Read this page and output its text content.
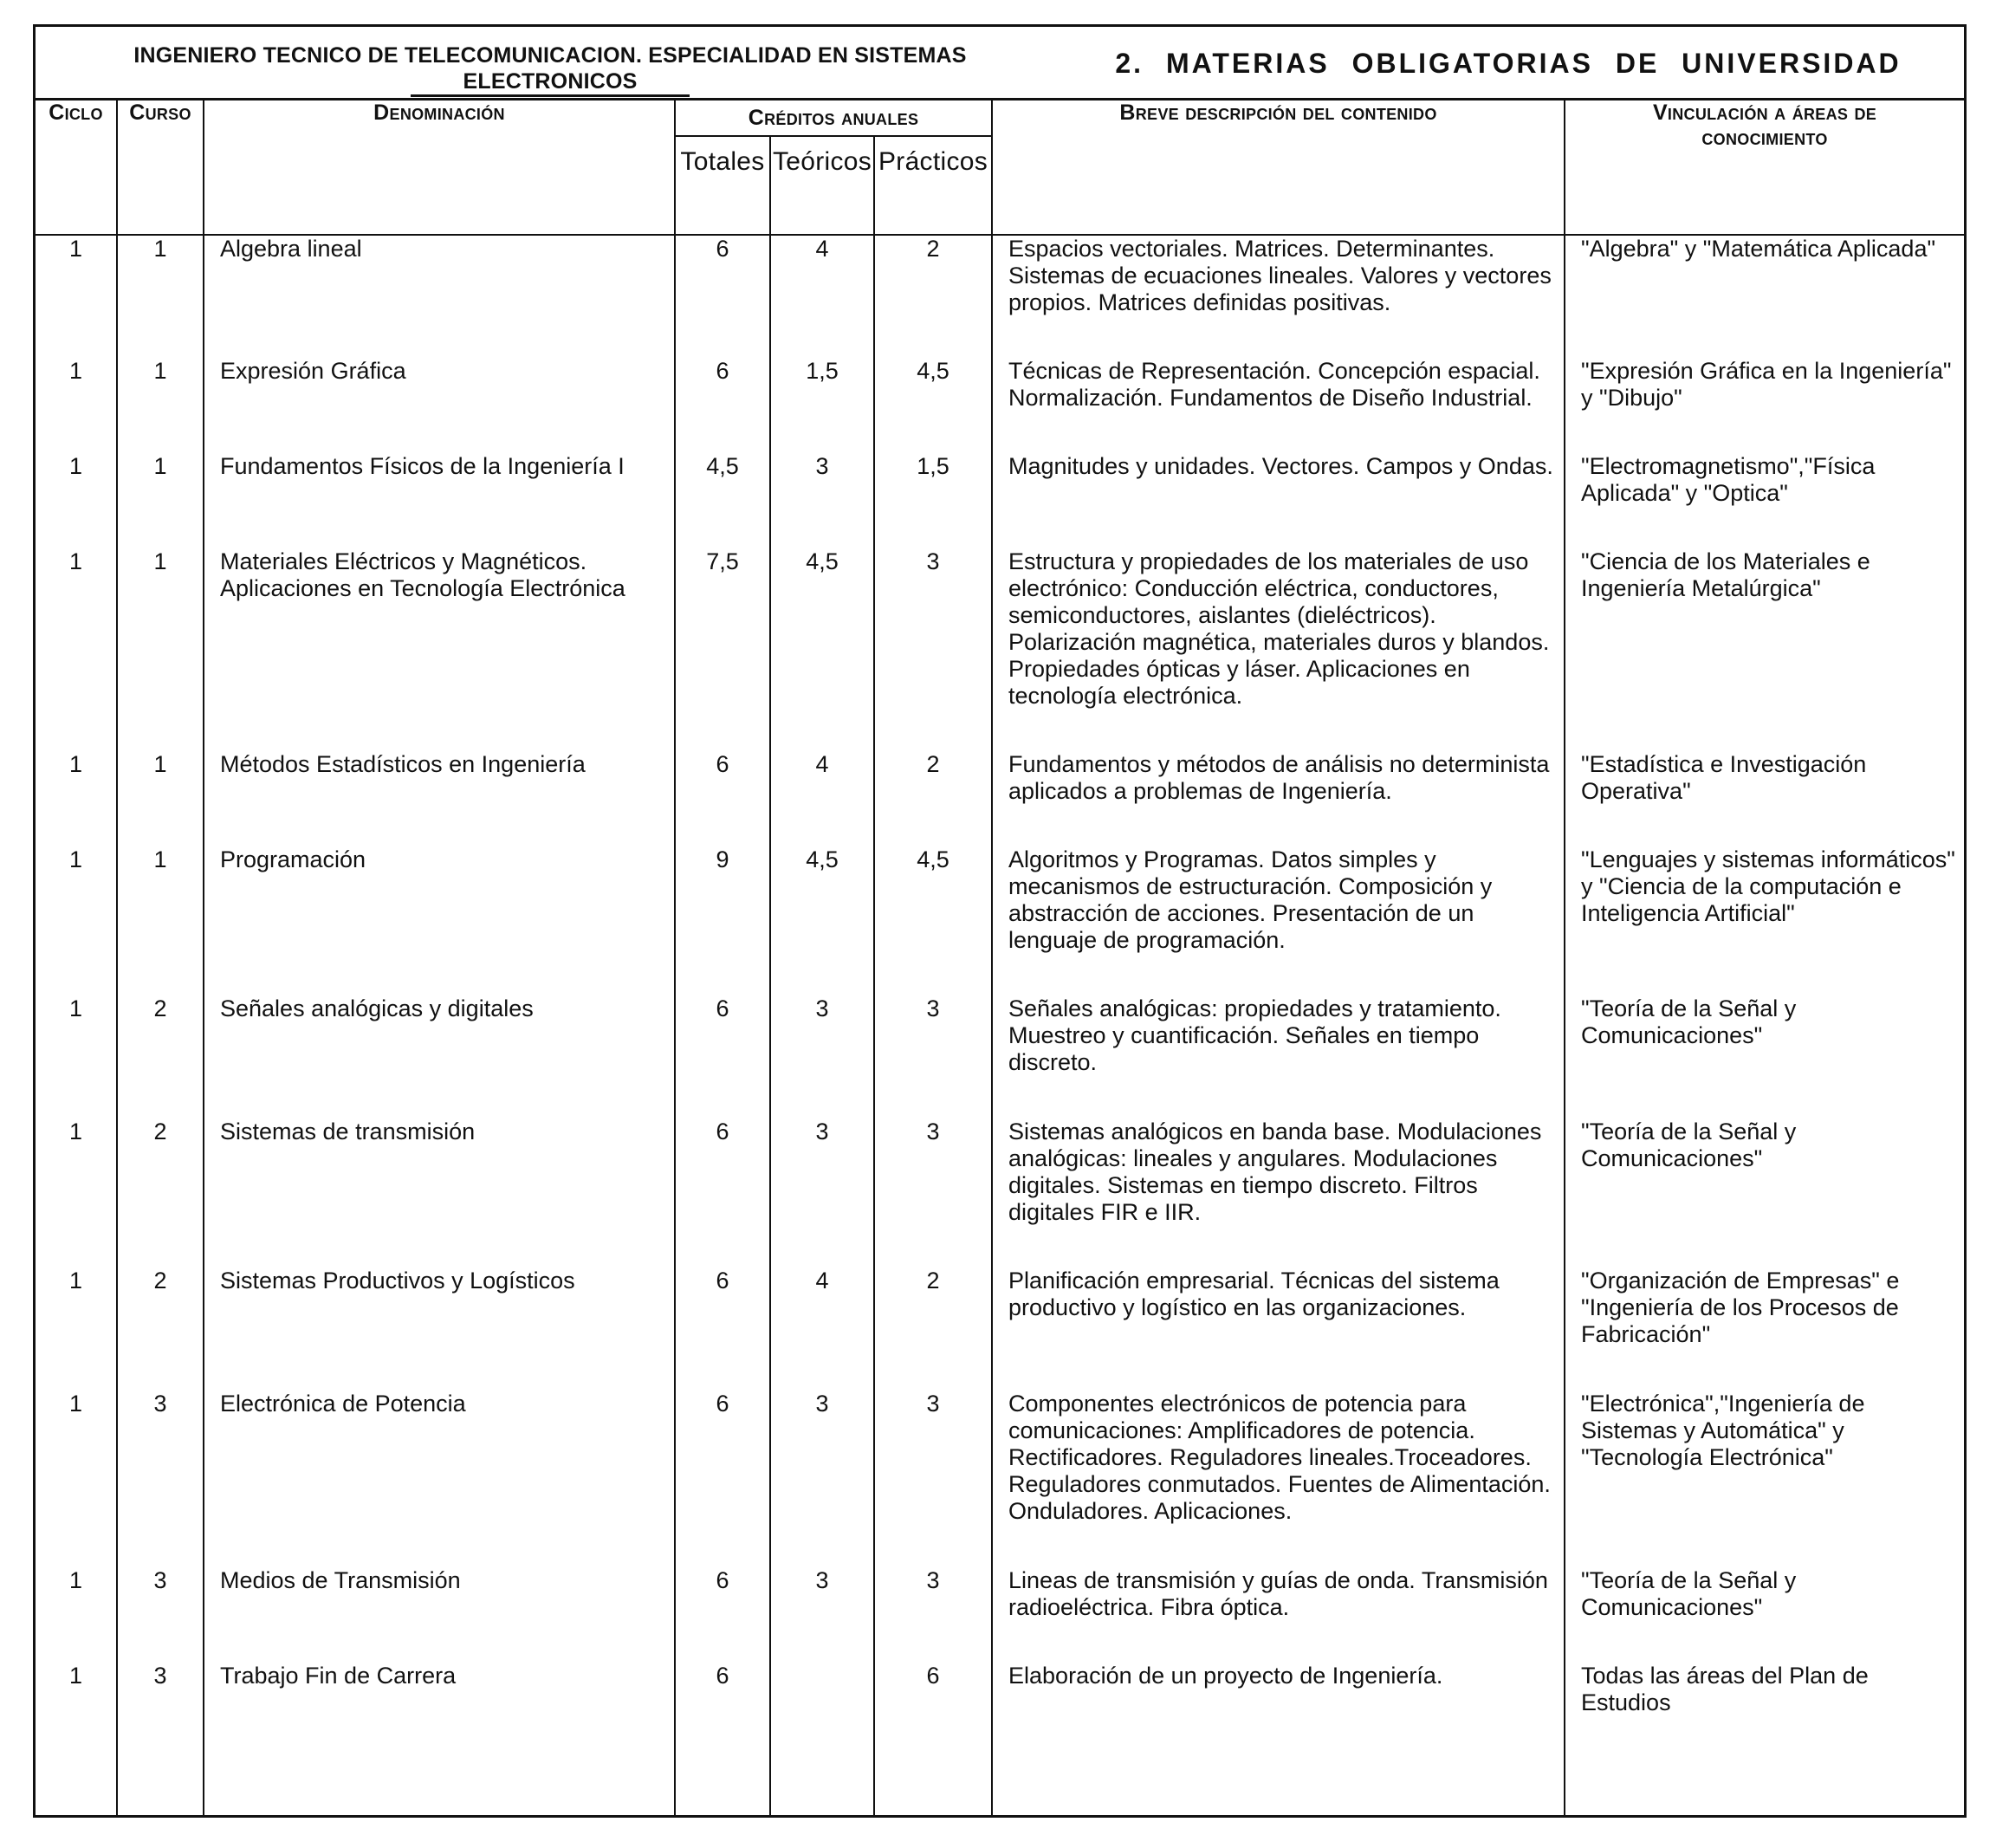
INGENIERO TECNICO DE TELECOMUNICACION. ESPECIALIDAD EN SISTEMAS
ELECTRONICOS
2. MATERIAS OBLIGATORIAS DE UNIVERSIDAD
Ciclo	Curso	Denominación	Créditos anuales			Breve descripción del contenido	Vinculación a áreas de conocimiento
			Totales	Teóricos	Prácticos		
1	1	Algebra lineal	6	4	2	Espacios vectoriales. Matrices. Determinantes. Sistemas de ecuaciones lineales. Valores y vectores propios. Matrices definidas positivas.	"Algebra" y "Matemática Aplicada"
1	1	Expresión Gráfica	6	1,5	4,5	Técnicas de Representación. Concepción espacial. Normalización. Fundamentos de Diseño Industrial.	"Expresión Gráfica en la Ingeniería" y "Dibujo"
1	1	Fundamentos Físicos de la Ingeniería I	4,5	3	1,5	Magnitudes y unidades. Vectores. Campos y Ondas.	"Electromagnetismo","Física Aplicada" y "Optica"
1	1	Materiales Eléctricos y Magnéticos. Aplicaciones en Tecnología Electrónica	7,5	4,5	3	Estructura y propiedades de los materiales de uso electrónico: Conducción eléctrica, conductores, semiconductores, aislantes (dieléctricos). Polarización magnética, materiales duros y blandos. Propiedades ópticas y láser. Aplicaciones en tecnología electrónica.	"Ciencia de los Materiales e Ingeniería Metalúrgica"
1	1	Métodos Estadísticos en Ingeniería	6	4	2	Fundamentos y métodos de análisis no determinista aplicados a problemas de Ingeniería.	"Estadística e Investigación Operativa"
1	1	Programación	9	4,5	4,5	Algoritmos y Programas. Datos simples y mecanismos de estructuración. Composición y abstracción de acciones. Presentación de un lenguaje de programación.	"Lenguajes y sistemas informáticos" y "Ciencia de la computación e Inteligencia Artificial"
1	2	Señales analógicas y digitales	6	3	3	Señales analógicas: propiedades y tratamiento. Muestreo y cuantificación. Señales en tiempo discreto.	"Teoría de la Señal y Comunicaciones"
1	2	Sistemas de transmisión	6	3	3	Sistemas analógicos en banda base. Modulaciones analógicas: lineales y angulares. Modulaciones digitales. Sistemas en tiempo discreto. Filtros digitales FIR e IIR.	"Teoría de la Señal y Comunicaciones"
1	2	Sistemas Productivos y Logísticos	6	4	2	Planificación empresarial. Técnicas del sistema productivo y logístico en las organizaciones.	"Organización de Empresas" e "Ingeniería de los Procesos de Fabricación"
1	3	Electrónica de Potencia	6	3	3	Componentes electrónicos de potencia para comunicaciones: Amplificadores de potencia. Rectificadores. Reguladores lineales.Troceadores. Reguladores conmutados. Fuentes de Alimentación. Onduladores. Aplicaciones.	"Electrónica","Ingeniería de Sistemas y Automática" y "Tecnología Electrónica"
1	3	Medios de Transmisión	6	3	3	Lineas de transmisión y guías de onda. Transmisión radioeléctrica. Fibra óptica.	"Teoría de la Señal y Comunicaciones"
1	3	Trabajo Fin de Carrera	6		6	Elaboración de un proyecto de Ingeniería.	Todas las áreas del Plan de Estudios
